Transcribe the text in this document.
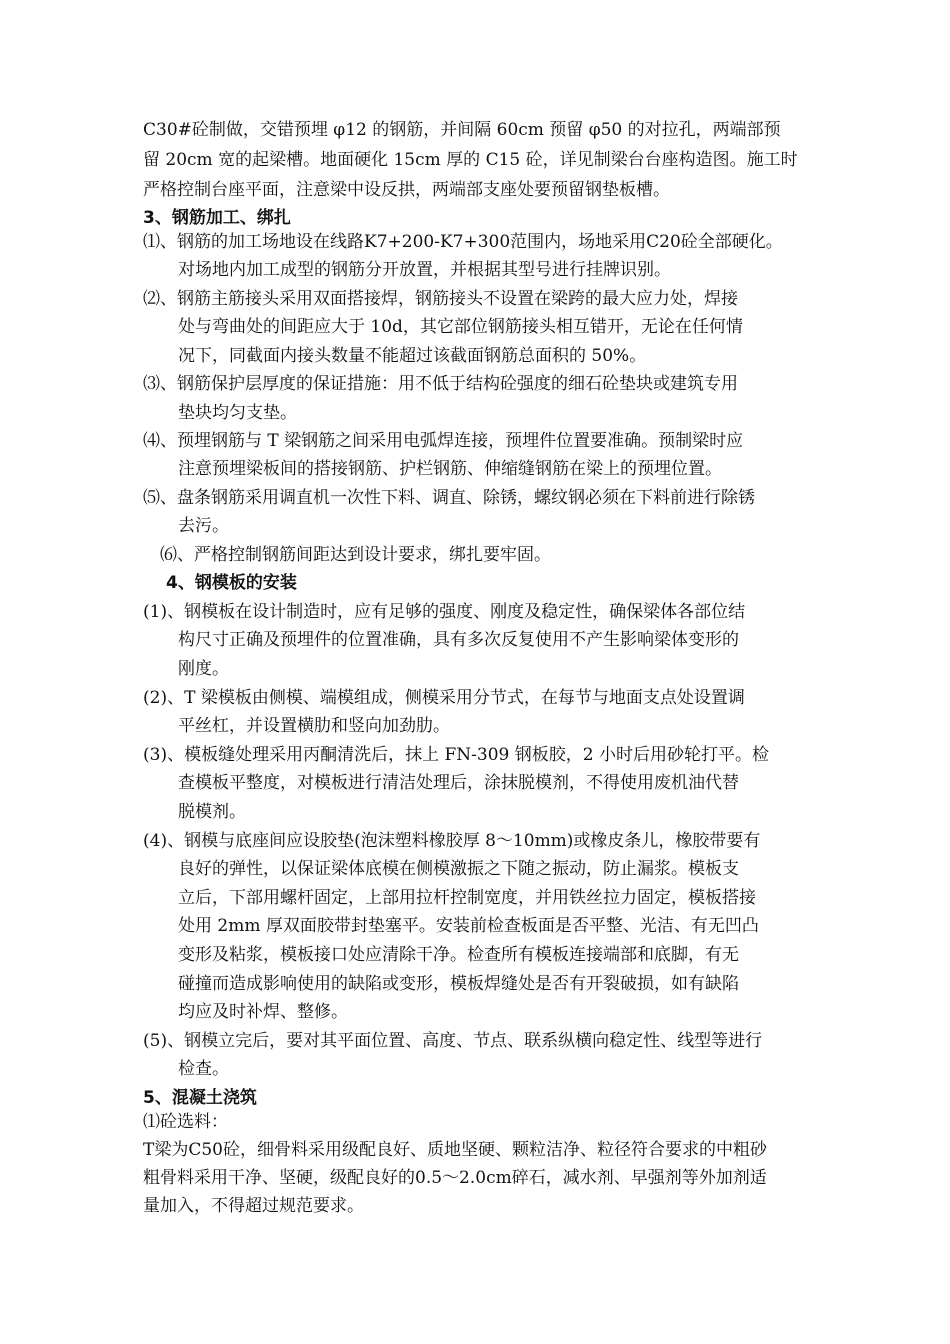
C30#砼制做，交错预埋 φ12 的钢筋，并间隔 60cm 预留 φ50 的对拉孔，两端部预
留 20cm 宽的起梁槽。地面硬化 15cm 厚的 C15 砼，详见制梁台台座构造图。施工时
严格控制台座平面，注意梁中设反拱，两端部支座处要预留钢垫板槽。
3、钢筋加工、绑扎
⑴、钢筋的加工场地设在线路K7+200-K7+300范围内，场地采用C20砼全部硬化。
对场地内加工成型的钢筋分开放置，并根据其型号进行挂牌识别。
⑵、钢筋主筋接头采用双面搭接焊，钢筋接头不设置在梁跨的最大应力处，焊接
处与弯曲处的间距应大于 10d，其它部位钢筋接头相互错开，无论在任何情
况下，同截面内接头数量不能超过该截面钢筋总面积的 50%。
⑶、钢筋保护层厚度的保证措施：用不低于结构砼强度的细石砼垫块或建筑专用
垫块均匀支垫。
⑷、预埋钢筋与 T 梁钢筋之间采用电弧焊连接，预埋件位置要准确。预制梁时应
注意预埋梁板间的搭接钢筋、护栏钢筋、伸缩缝钢筋在梁上的预埋位置。
⑸、盘条钢筋采用调直机一次性下料、调直、除锈，螺纹钢必须在下料前进行除锈
去污。
⑹、严格控制钢筋间距达到设计要求，绑扎要牢固。
4、钢模板的安装
(1)、钢模板在设计制造时，应有足够的强度、刚度及稳定性，确保梁体各部位结
构尺寸正确及预埋件的位置准确，具有多次反复使用不产生影响梁体变形的
刚度。
(2)、T 梁模板由侧模、端模组成，侧模采用分节式，在每节与地面支点处设置调
平丝杠，并设置横肋和竖向加劲肋。
(3)、模板缝处理采用丙酮清洗后，抹上 FN-309 钢板胶，2 小时后用砂轮打平。检
查模板平整度，对模板进行清洁处理后，涂抹脱模剂，不得使用废机油代替
脱模剂。
(4)、钢模与底座间应设胶垫(泡沫塑料橡胶厚 8～10mm)或橡皮条儿，橡胶带要有
良好的弹性，以保证梁体底模在侧模激振之下随之振动，防止漏浆。模板支
立后，下部用螺杆固定，上部用拉杆控制宽度，并用铁丝拉力固定，模板搭接
处用 2mm 厚双面胶带封垫塞平。安装前检查板面是否平整、光洁、有无凹凸
变形及粘浆，模板接口处应清除干净。检查所有模板连接端部和底脚，有无
碰撞而造成影响使用的缺陷或变形，模板焊缝处是否有开裂破损，如有缺陷
均应及时补焊、整修。
(5)、钢模立完后，要对其平面位置、高度、节点、联系纵横向稳定性、线型等进行
检查。
5、混凝土浇筑
⑴砼选料：
T梁为C50砼，细骨料采用级配良好、质地坚硬、颗粒洁净、粒径符合要求的中粗砂
粗骨料采用干净、坚硬，级配良好的0.5～2.0cm碎石，减水剂、早强剂等外加剂适
量加入，不得超过规范要求。
